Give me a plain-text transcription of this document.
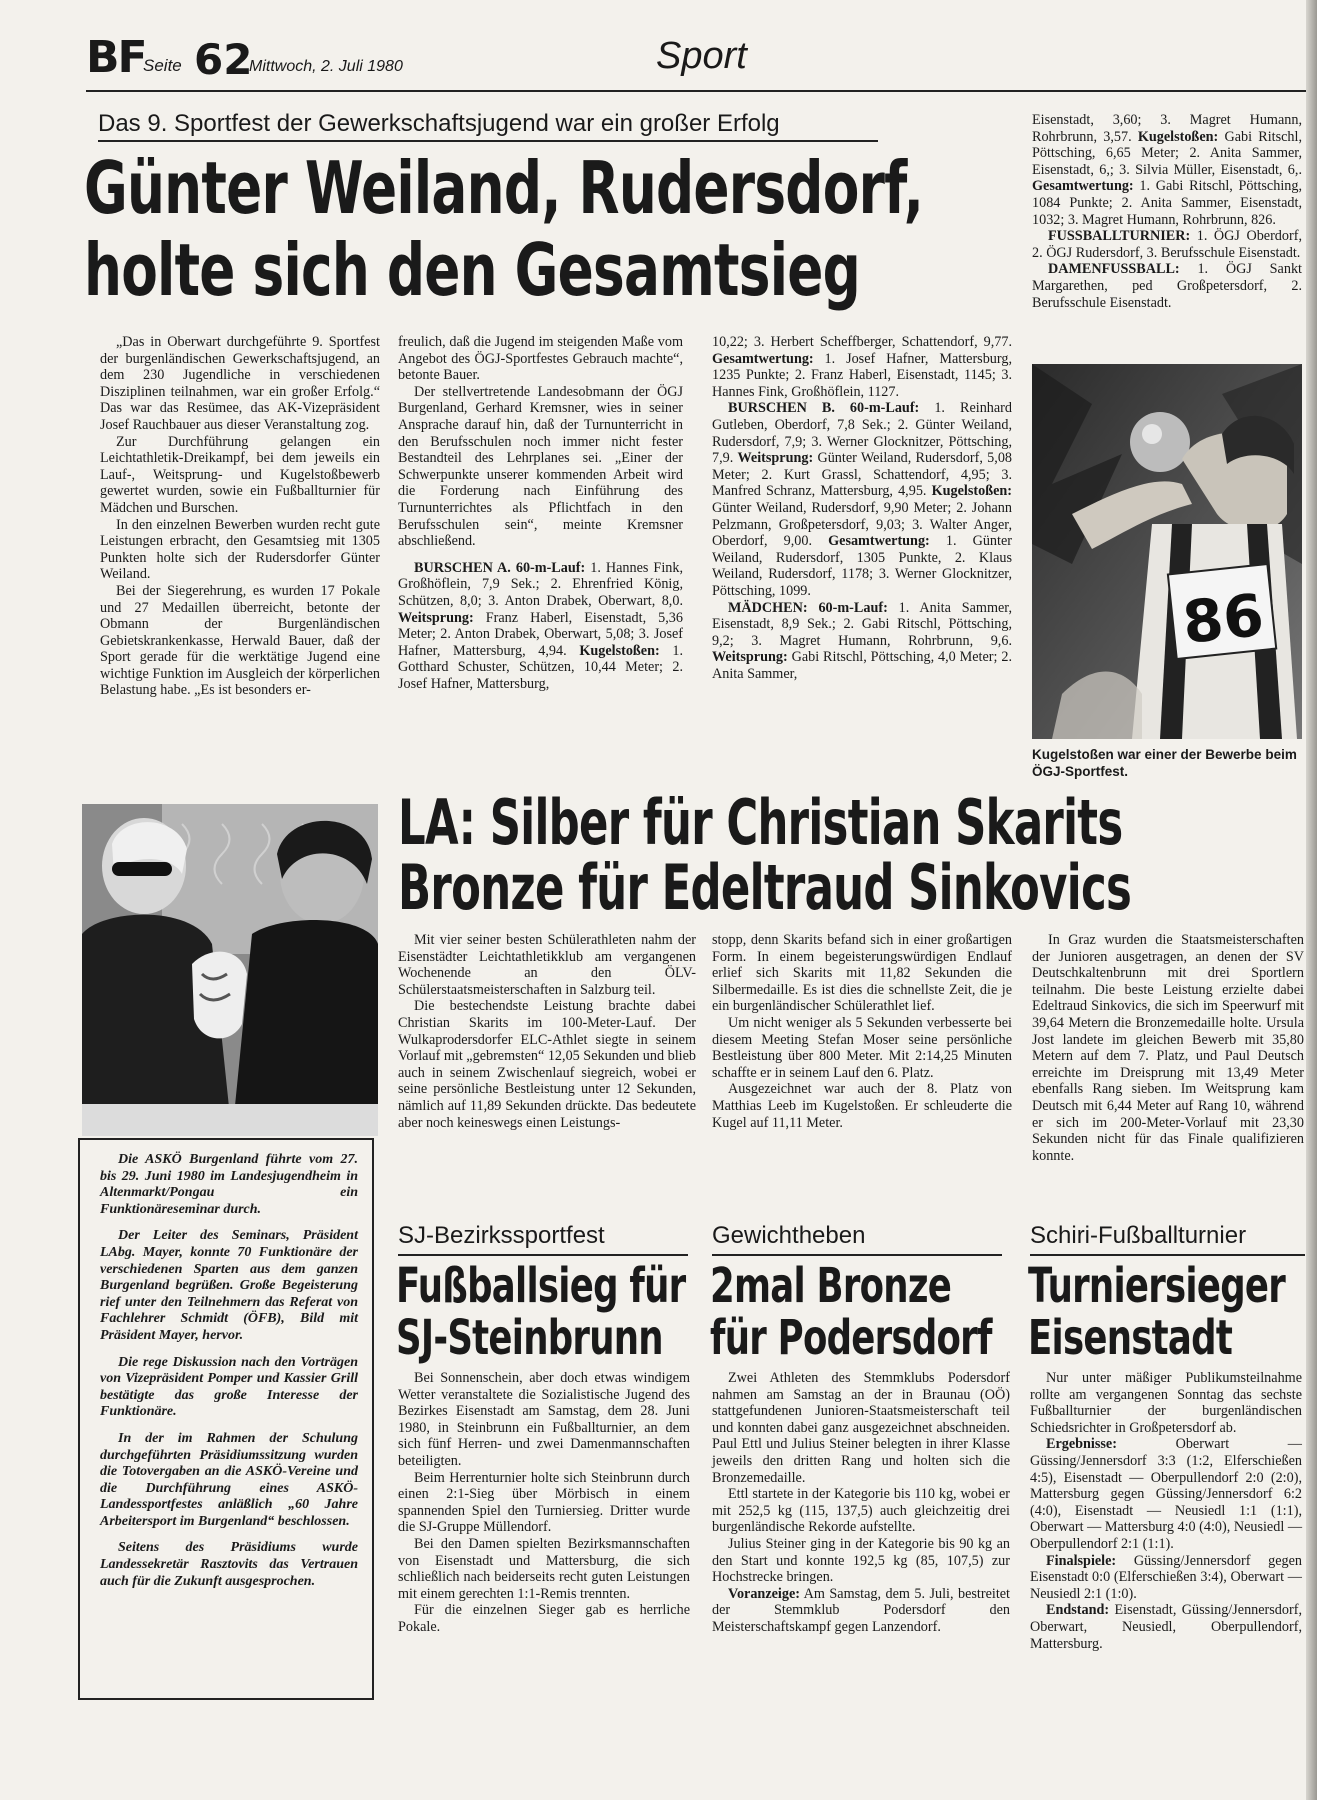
BF
Seite 62
Mittwoch, 2. Juli 1980	Sport
Das 9. Sportfest der Gewerkschaftsjugend war ein großer Erfolg
Günter Weiland, Rudersdorf,
holte sich den Gesamtsieg

„Das in Oberwart durchgeführte 9. Sportfest der burgenländischen Gewerkschaftsjugend, an dem 230 Jugendliche in verschiedenen Disziplinen teilnahmen, war ein großer Erfolg.“ Das war das Resümee, das AK-Vizepräsident Josef Rauchbauer aus dieser Veranstaltung zog.

Zur Durchführung gelangen ein Leichtathletik-Dreikampf, bei dem jeweils ein Lauf-, Weitsprung- und Kugelstoßbewerb gewertet wurden, sowie ein Fußballturnier für Mädchen und Burschen.

In den einzelnen Bewerben wurden recht gute Leistungen erbracht, den Gesamtsieg mit 1305 Punkten holte sich der Rudersdorfer Günter Weiland.

Bei der Siegerehrung, es wurden 17 Pokale und 27 Medaillen überreicht, betonte der Obmann der Burgenländischen Gebietskrankenkasse, Herwald Bauer, daß der Sport gerade für die werktätige Jugend eine wichtige Funktion im Ausgleich der körperlichen Belastung habe. „Es ist besonders er-

freulich, daß die Jugend im steigenden Maße vom Angebot des ÖGJ-Sportfestes Gebrauch machte“, betonte Bauer.

Der stellvertretende Landesobmann der ÖGJ Burgenland, Gerhard Kremsner, wies in seiner Ansprache darauf hin, daß der Turnunterricht in den Berufsschulen noch immer nicht fester Bestandteil des Lehrplanes sei. „Einer der Schwerpunkte unserer kommenden Arbeit wird die Forderung nach Einführung des Turnunterrichtes als Pflichtfach in den Berufsschulen sein“, meinte Kremsner abschließend.

BURSCHEN A. 60-m-Lauf: 1. Hannes Fink, Großhöflein, 7,9 Sek.; 2. Ehrenfried König, Schützen, 8,0; 3. Anton Drabek, Oberwart, 8,0. Weitsprung: Franz Haberl, Eisenstadt, 5,36 Meter; 2. Anton Drabek, Oberwart, 5,08; 3. Josef Hafner, Mattersburg, 4,94. Kugelstoßen: 1. Gotthard Schuster, Schützen, 10,44 Meter; 2. Josef Hafner, Mattersburg,

10,22; 3. Herbert Scheffberger, Schattendorf, 9,77. Gesamtwertung: 1. Josef Hafner, Mattersburg, 1235 Punkte; 2. Franz Haberl, Eisenstadt, 1145; 3. Hannes Fink, Großhöflein, 1127.

BURSCHEN B. 60-m-Lauf: 1. Reinhard Gutleben, Oberdorf, 7,8 Sek.; 2. Günter Weiland, Rudersdorf, 7,9; 3. Werner Glocknitzer, Pöttsching, 7,9. Weitsprung: Günter Weiland, Rudersdorf, 5,08 Meter; 2. Kurt Grassl, Schattendorf, 4,95; 3. Manfred Schranz, Mattersburg, 4,95. Kugelstoßen: Günter Weiland, Rudersdorf, 9,90 Meter; 2. Johann Pelzmann, Großpetersdorf, 9,03; 3. Walter Anger, Oberdorf, 9,00. Gesamtwertung: 1. Günter Weiland, Rudersdorf, 1305 Punkte, 2. Klaus Weiland, Rudersdorf, 1178; 3. Werner Glocknitzer, Pöttsching, 1099.

MÄDCHEN: 60-m-Lauf: 1. Anita Sammer, Eisenstadt, 8,9 Sek.; 2. Gabi Ritschl, Pöttsching, 9,2; 3. Magret Humann, Rohrbrunn, 9,6. Weitsprung: Gabi Ritschl, Pöttsching, 4,0 Meter; 2. Anita Sammer,

Eisenstadt, 3,60; 3. Magret Humann, Rohrbrunn, 3,57. Kugelstoßen: Gabi Ritschl, Pöttsching, 6,65 Meter; 2. Anita Sammer, Eisenstadt, 6,; 3. Silvia Müller, Eisenstadt, 6,. Gesamtwertung: 1. Gabi Ritschl, Pöttsching, 1084 Punkte; 2. Anita Sammer, Eisenstadt, 1032; 3. Magret Humann, Rohrbrunn, 826.

FUSSBALLTURNIER: 1. ÖGJ Oberdorf, 2. ÖGJ Rudersdorf, 3. Berufsschule Eisenstadt.

DAMENFUSSBALL: 1. ÖGJ Sankt Margarethen, ped Großpetersdorf, 2. Berufsschule Eisenstadt.

86
Kugelstoßen war einer der Bewerbe beim ÖGJ-Sportfest.
LA: Silber für Christian Skarits
Bronze für Edeltraud Sinkovics

Mit vier seiner besten Schülerathleten nahm der Eisenstädter Leichtathletikklub am vergangenen Wochenende an den ÖLV-Schülerstaatsmeisterschaften in Salzburg teil.

Die bestechendste Leistung brachte dabei Christian Skarits im 100-Meter-Lauf. Der Wulkaprodersdorfer ELC-Athlet siegte in seinem Vorlauf mit „gebremsten“ 12,05 Sekunden und blieb auch in seinem Zwischenlauf siegreich, wobei er seine persönliche Bestleistung unter 12 Sekunden, nämlich auf 11,89 Sekunden drückte. Das bedeutete aber noch keineswegs einen Leistungs-

stopp, denn Skarits befand sich in einer großartigen Form. In einem begeisterungswürdigen Endlauf erlief sich Skarits mit 11,82 Sekunden die Silbermedaille. Es ist dies die schnellste Zeit, die je ein burgenländischer Schülerathlet lief.

Um nicht weniger als 5 Sekunden verbesserte bei diesem Meeting Stefan Moser seine persönliche Bestleistung über 800 Meter. Mit 2:14,25 Minuten schaffte er in seinem Lauf den 6. Platz.

Ausgezeichnet war auch der 8. Platz von Matthias Leeb im Kugelstoßen. Er schleuderte die Kugel auf 11,11 Meter.

In Graz wurden die Staatsmeisterschaften der Junioren ausgetragen, an denen der SV Deutschkaltenbrunn mit drei Sportlern teilnahm. Die beste Leistung erzielte dabei Edeltraud Sinkovics, die sich im Speerwurf mit 39,64 Metern die Bronzemedaille holte. Ursula Jost landete im gleichen Bewerb mit 35,80 Metern auf dem 7. Platz, und Paul Deutsch erreichte im Dreisprung mit 13,49 Meter ebenfalls Rang sieben. Im Weitsprung kam Deutsch mit 6,44 Meter auf Rang 10, während er sich im 200-Meter-Vorlauf mit 23,30 Sekunden nicht für das Finale qualifizieren konnte.

Die ASKÖ Burgenland führte vom 27. bis 29. Juni 1980 im Landesjugendheim in Altenmarkt/Pongau ein Funktionäreseminar durch.

Der Leiter des Seminars, Präsident LAbg. Mayer, konnte 70 Funktionäre der verschiedenen Sparten aus dem ganzen Burgenland begrüßen. Große Begeisterung rief unter den Teilnehmern das Referat von Fachlehrer Schmidt (ÖFB), Bild mit Präsident Mayer, hervor.

Die rege Diskussion nach den Vorträgen von Vizepräsident Pomper und Kassier Grill bestätigte das große Interesse der Funktionäre.

In der im Rahmen der Schulung durchgeführten Präsidiumssitzung wurden die Totovergaben an die ASKÖ-Vereine und die Durchführung eines ASKÖ-Landessportfestes anläßlich „60 Jahre Arbeitersport im Burgenland“ beschlossen.

Seitens des Präsidiums wurde Landessekretär Rasztovits das Vertrauen auch für die Zukunft ausgesprochen.

SJ-Bezirkssportfest
Fußballsieg für
SJ-Steinbrunn

Bei Sonnenschein, aber doch etwas windigem Wetter veranstaltete die Sozialistische Jugend des Bezirkes Eisenstadt am Samstag, dem 28. Juni 1980, in Steinbrunn ein Fußballturnier, an dem sich fünf Herren- und zwei Damenmannschaften beteiligten.

Beim Herrenturnier holte sich Steinbrunn durch einen 2:1-Sieg über Mörbisch in einem spannenden Spiel den Turniersieg. Dritter wurde die SJ-Gruppe Müllendorf.

Bei den Damen spielten Bezirksmannschaften von Eisenstadt und Mattersburg, die sich schließlich nach beiderseits recht guten Leistungen mit einem gerechten 1:1-Remis trennten.

Für die einzelnen Sieger gab es herrliche Pokale.

Gewichtheben
2mal Bronze
für Podersdorf

Zwei Athleten des Stemmklubs Podersdorf nahmen am Samstag an der in Braunau (OÖ) stattgefundenen Junioren-Staatsmeisterschaft teil und konnten dabei ganz ausgezeichnet abschneiden. Paul Ettl und Julius Steiner belegten in ihrer Klasse jeweils den dritten Rang und holten sich die Bronzemedaille.

Ettl startete in der Kategorie bis 110 kg, wobei er mit 252,5 kg (115, 137,5) auch gleichzeitig drei burgenländische Rekorde aufstellte.

Julius Steiner ging in der Kategorie bis 90 kg an den Start und konnte 192,5 kg (85, 107,5) zur Hochstrecke bringen.

Voranzeige: Am Samstag, dem 5. Juli, bestreitet der Stemmklub Podersdorf den Meisterschaftskampf gegen Lanzendorf.

Schiri-Fußballturnier
Turniersieger
Eisenstadt

Nur unter mäßiger Publikumsteilnahme rollte am vergangenen Sonntag das sechste Fußballturnier der burgenländischen Schiedsrichter in Großpetersdorf ab.

Ergebnisse: Oberwart — Güssing/Jennersdorf 3:3 (1:2, Elferschießen 4:5), Eisenstadt — Oberpullendorf 2:0 (2:0), Mattersburg gegen Güssing/Jennersdorf 6:2 (4:0), Eisenstadt — Neusiedl 1:1 (1:1), Oberwart — Mattersburg 4:0 (4:0), Neusiedl — Oberpullendorf 2:1 (1:1).

Finalspiele: Güssing/Jennersdorf gegen Eisenstadt 0:0 (Elferschießen 3:4), Oberwart — Neusiedl 2:1 (1:0).

Endstand: Eisenstadt, Güssing/Jennersdorf, Oberwart, Neusiedl, Oberpullendorf, Mattersburg.
